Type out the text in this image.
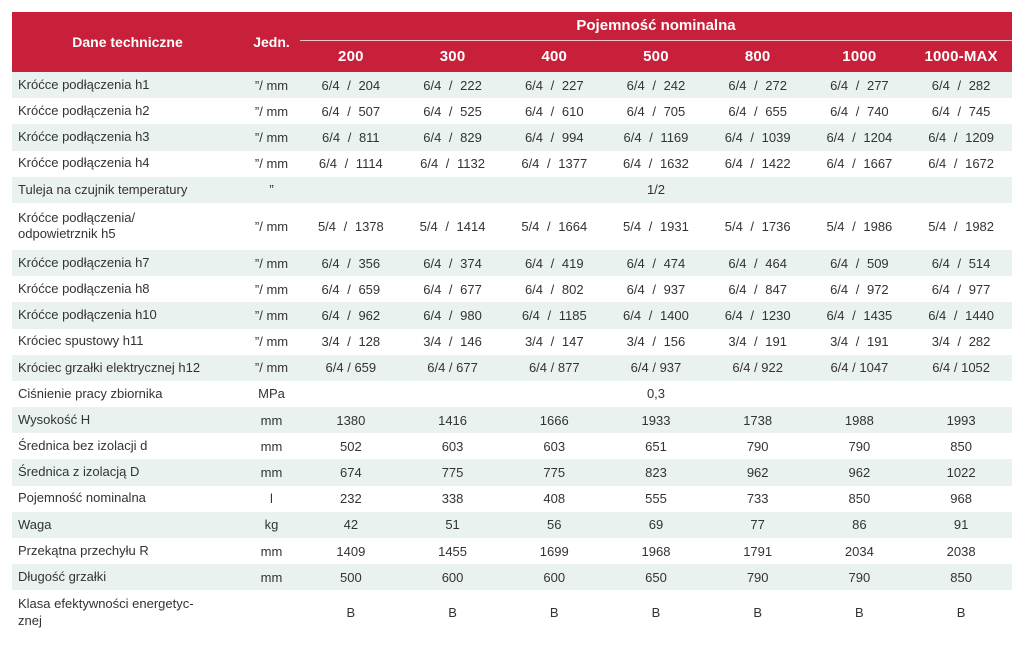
Dane techniczne	Jedn.	Pojemność nominalna						
		200	300	400	500	800	1000	1000-MAX
Króćce podłączenia h1	”/ mm	6/4 / 204	6/4 / 222	6/4 / 227	6/4 / 242	6/4 / 272	6/4 / 277	6/4 / 282
Króćce podłączenia h2	”/ mm	6/4 / 507	6/4 / 525	6/4 / 610	6/4 / 705	6/4 / 655	6/4 / 740	6/4 / 745
Króćce podłączenia h3	”/ mm	6/4 / 811	6/4 / 829	6/4 / 994	6/4 / 1169	6/4 / 1039	6/4 / 1204	6/4 / 1209
Króćce podłączenia h4	”/ mm	6/4 / 1114	6/4 / 1132	6/4 / 1377	6/4 / 1632	6/4 / 1422	6/4 / 1667	6/4 / 1672
Tuleja na czujnik temperatury	”	1/2						
Króćce podłączenia/
odpowietrznik h5	”/ mm	5/4 / 1378	5/4 / 1414	5/4 / 1664	5/4 / 1931	5/4 / 1736	5/4 / 1986	5/4 / 1982
Króćce podłączenia h7	”/ mm	6/4 / 356	6/4 / 374	6/4 / 419	6/4 / 474	6/4 / 464	6/4 / 509	6/4 / 514
Króćce podłączenia h8	”/ mm	6/4 / 659	6/4 / 677	6/4 / 802	6/4 / 937	6/4 / 847	6/4 / 972	6/4 / 977
Króćce podłączenia h10	”/ mm	6/4 / 962	6/4 / 980	6/4 / 1185	6/4 / 1400	6/4 / 1230	6/4 / 1435	6/4 / 1440
Króciec spustowy h11	”/ mm	3/4 / 128	3/4 / 146	3/4 / 147	3/4 / 156	3/4 / 191	3/4 / 191	3/4 / 282
Króciec grzałki elektrycznej h12	”/ mm	6/4 / 659	6/4 / 677	6/4 / 877	6/4 / 937	6/4 / 922	6/4 / 1047	6/4 / 1052
Ciśnienie pracy zbiornika	MPa	0,3						
Wysokość H	mm	1380	1416	1666	1933	1738	1988	1993
Średnica bez izolacji d	mm	502	603	603	651	790	790	850
Średnica z izolacją D	mm	674	775	775	823	962	962	1022
Pojemność nominalna	l	232	338	408	555	733	850	968
Waga	kg	42	51	56	69	77	86	91
Przekątna przechyłu R	mm	1409	1455	1699	1968	1791	2034	2038
Długość grzałki	mm	500	600	600	650	790	790	850
Klasa efektywności energetyc-
znej		B	B	B	B	B	B	B
